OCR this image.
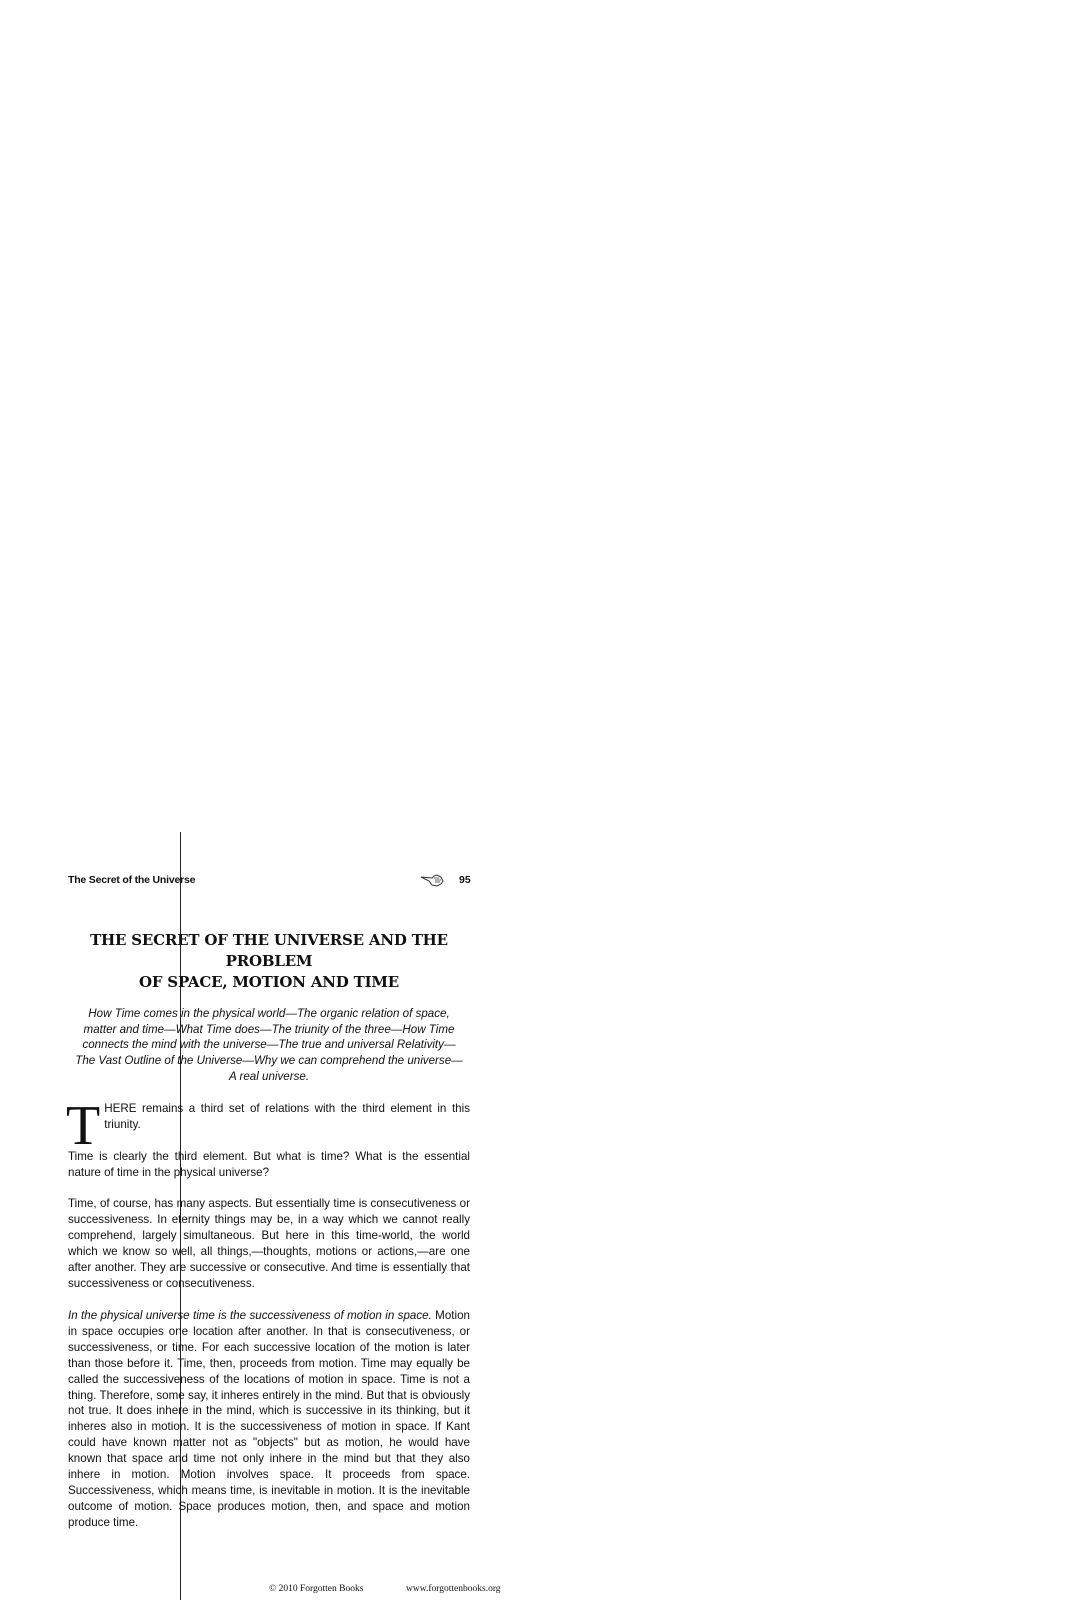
The Secret of the Universe	95
THE SECRET OF THE UNIVERSE AND THE PROBLEM
OF SPACE, MOTION AND TIME
How Time comes in the physical world—The organic relation of space,
matter and time—What Time does—The triunity of the three—How Time
connects the mind with the universe—The true and universal Relativity—
The Vast Outline of the Universe—Why we can comprehend the universe—
A real universe.
THERE remains a third set of relations with the third element in this triunity.
Time is clearly the third element. But what is time? What is the essential nature of time in the physical universe?
Time, of course, has many aspects. But essentially time is consecutiveness or successiveness. In eternity things may be, in a way which we cannot really comprehend, largely simultaneous. But here in this time-world, the world which we know so well, all things,—thoughts, motions or actions,—are one after another. They are successive or consecutive. And time is essentially that successiveness or consecutiveness.
In the physical universe time is the successiveness of motion in space. Motion in space occupies one location after another. In that is consecutiveness, or successiveness, or time. For each successive location of the motion is later than those before it. Time, then, proceeds from motion. Time may equally be called the successiveness of the locations of motion in space. Time is not a thing. Therefore, some say, it inheres entirely in the mind. But that is obviously not true. It does inhere in the mind, which is successive in its thinking, but it inheres also in motion. It is the successiveness of motion in space. If Kant could have known matter not as "objects" but as motion, he would have known that space and time not only inhere in the mind but that they also inhere in motion. Motion involves space. It proceeds from space. Successiveness, which means time, is inevitable in motion. It is the inevitable outcome of motion. Space produces motion, then, and space and motion produce time.
© 2010 Forgotten Books	www.forgottenbooks.org
